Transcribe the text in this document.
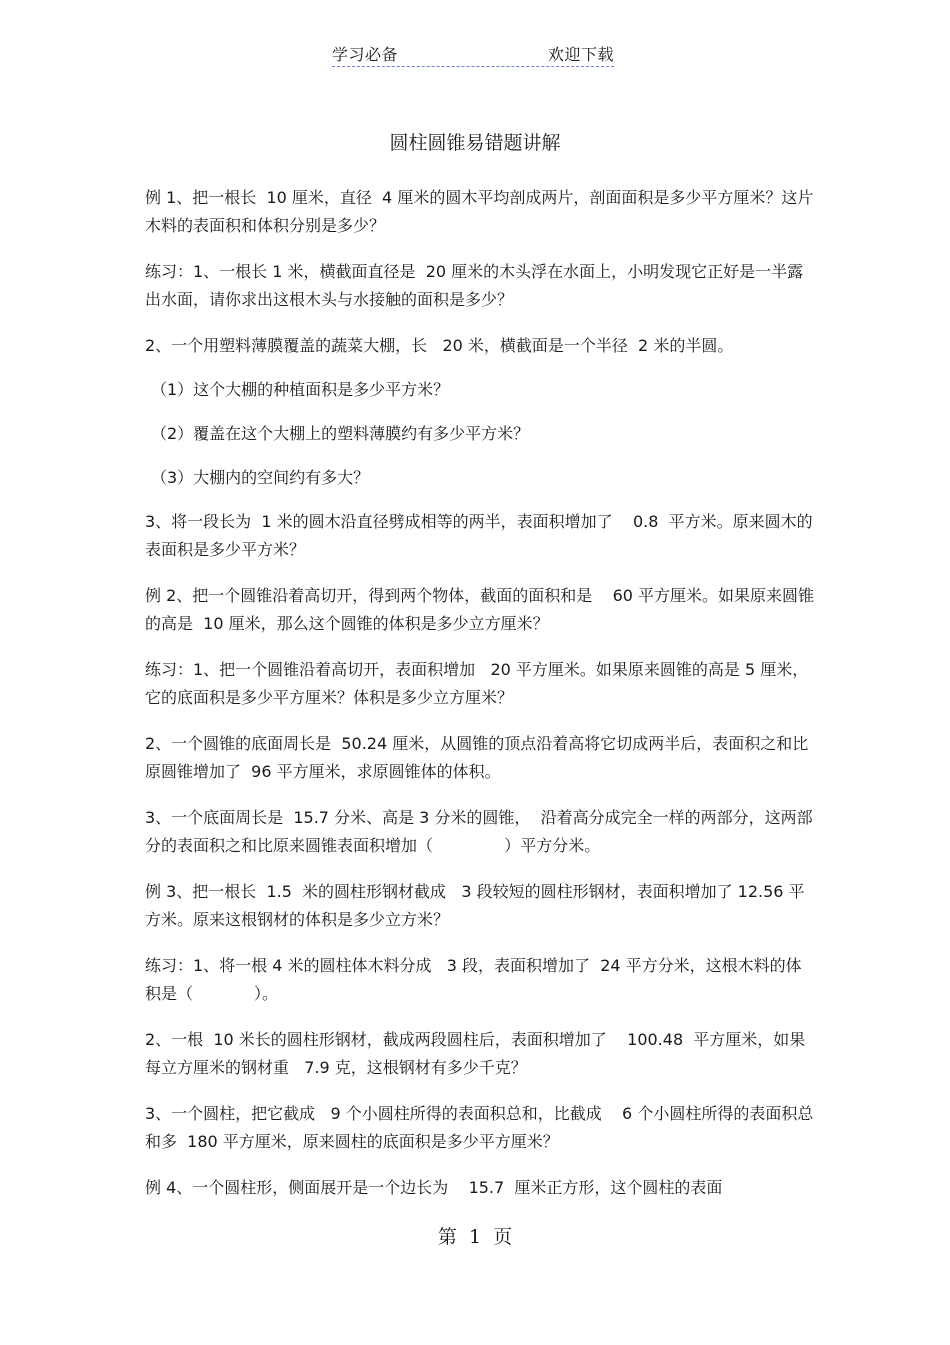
学习必备	欢迎下载
圆柱圆锥易错题讲解

例 1、把一根长  10 厘米，直径  4 厘米的圆木平均剖成两片，剖面面积是多少平方厘米？这片木料的表面积和体积分别是多少？

练习：1、一根长 1 米，横截面直径是  20 厘米的木头浮在水面上，小明发现它正好是一半露出水面，请你求出这根木头与水接触的面积是多少？

2、一个用塑料薄膜覆盖的蔬菜大棚，长   20 米，横截面是一个半径  2 米的半圆。

（1）这个大棚的种植面积是多少平方米？

（2）覆盖在这个大棚上的塑料薄膜约有多少平方米？

（3）大棚内的空间约有多大？

3、将一段长为  1 米的圆木沿直径劈成相等的两半，表面积增加了    0.8  平方米。原来圆木的表面积是多少平方米？

例 2、把一个圆锥沿着高切开，得到两个物体，截面的面积和是    60 平方厘米。如果原来圆锥的高是  10 厘米，那么这个圆锥的体积是多少立方厘米？

练习：1、把一个圆锥沿着高切开，表面积增加   20 平方厘米。如果原来圆锥的高是 5 厘米，它的底面积是多少平方厘米？体积是多少立方厘米？

2、一个圆锥的底面周长是  50.24 厘米，从圆锥的顶点沿着高将它切成两半后，表面积之和比原圆锥增加了  96 平方厘米，求原圆锥体的体积。

3、一个底面周长是  15.7 分米、高是 3 分米的圆锥，  沿着高分成完全一样的两部分，这两部分的表面积之和比原来圆锥表面积增加（              ）平方分米。

例 3、把一根长  1.5  米的圆柱形钢材截成   3 段较短的圆柱形钢材，表面积增加了 12.56 平方米。原来这根钢材的体积是多少立方米？

练习：1、将一根 4 米的圆柱体木料分成   3 段，表面积增加了  24 平方分米，这根木料的体积是（            ）。

2、一根  10 米长的圆柱形钢材，截成两段圆柱后，表面积增加了    100.48  平方厘米，如果每立方厘米的钢材重   7.9 克，这根钢材有多少千克？

3、一个圆柱，把它截成   9 个小圆柱所得的表面积总和，比截成    6 个小圆柱所得的表面积总和多  180 平方厘米，原来圆柱的底面积是多少平方厘米？

例 4、一个圆柱形，侧面展开是一个边长为    15.7  厘米正方形，这个圆柱的表面

第 1 页
